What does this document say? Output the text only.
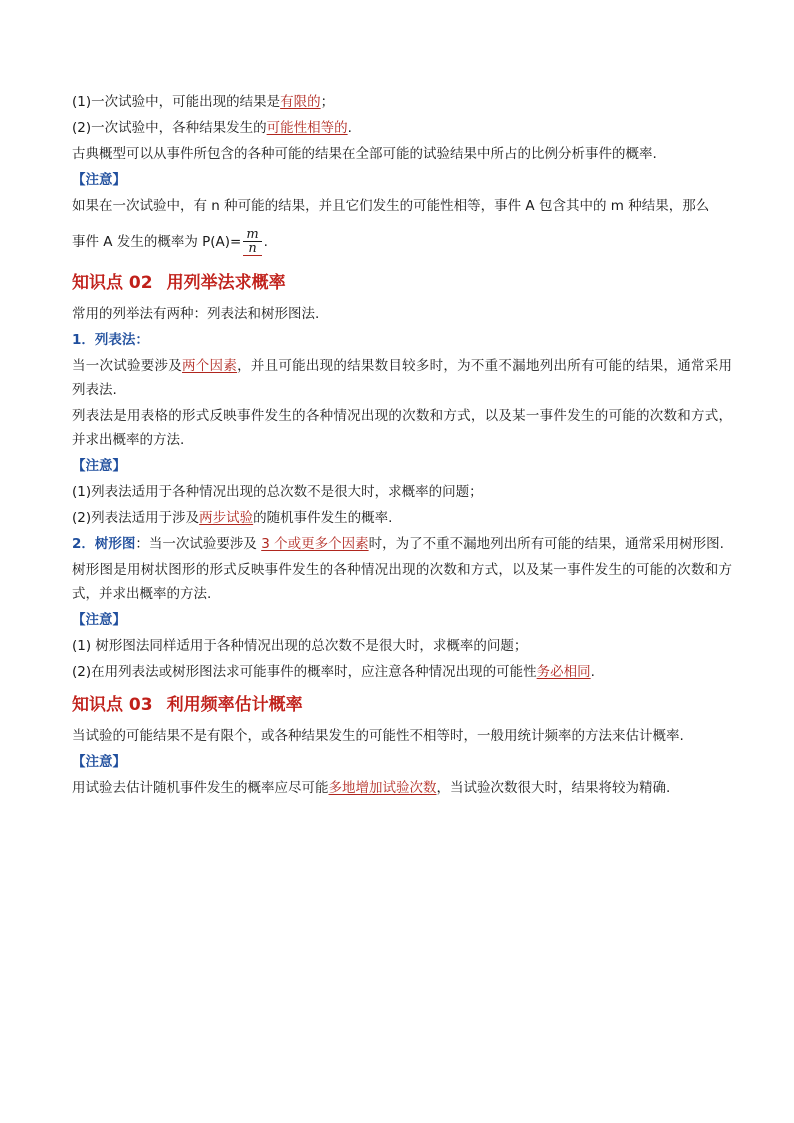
(1)一次试验中，可能出现的结果是有限的；

(2)一次试验中，各种结果发生的可能性相等的.

古典概型可以从事件所包含的各种可能的结果在全部可能的试验结果中所占的比例分析事件的概率.

【注意】

如果在一次试验中，有 n 种可能的结果，并且它们发生的可能性相等，事件 A 包含其中的 m 种结果，那么

事件 A 发生的概率为 $P(A)= \frac{m}{n}$ .

知识点 02 用列举法求概率

常用的列举法有两种：列表法和树形图法.

1．列表法：

当一次试验要涉及两个因素，并且可能出现的结果数目较多时，为不重不漏地列出所有可能的结果，通常采用列表法.

列表法是用表格的形式反映事件发生的各种情况出现的次数和方式，以及某一事件发生的可能的次数和方式，并求出概率的方法.

【注意】

(1)列表法适用于各种情况出现的总次数不是很大时，求概率的问题；

(2)列表法适用于涉及两步试验的随机事件发生的概率.

2．树形图：当一次试验要涉及 3 个或更多个因素时，为了不重不漏地列出所有可能的结果，通常采用树形图.

树形图是用树状图形的形式反映事件发生的各种情况出现的次数和方式，以及某一事件发生的可能的次数和方式，并求出概率的方法.

【注意】

(1) 树形图法同样适用于各种情况出现的总次数不是很大时，求概率的问题；

(2)在用列表法或树形图法求可能事件的概率时，应注意各种情况出现的可能性务必相同.

知识点 03 利用频率估计概率

当试验的可能结果不是有限个，或各种结果发生的可能性不相等时，一般用统计频率的方法来估计概率.

【注意】

用试验去估计随机事件发生的概率应尽可能多地增加试验次数，当试验次数很大时，结果将较为精确.
